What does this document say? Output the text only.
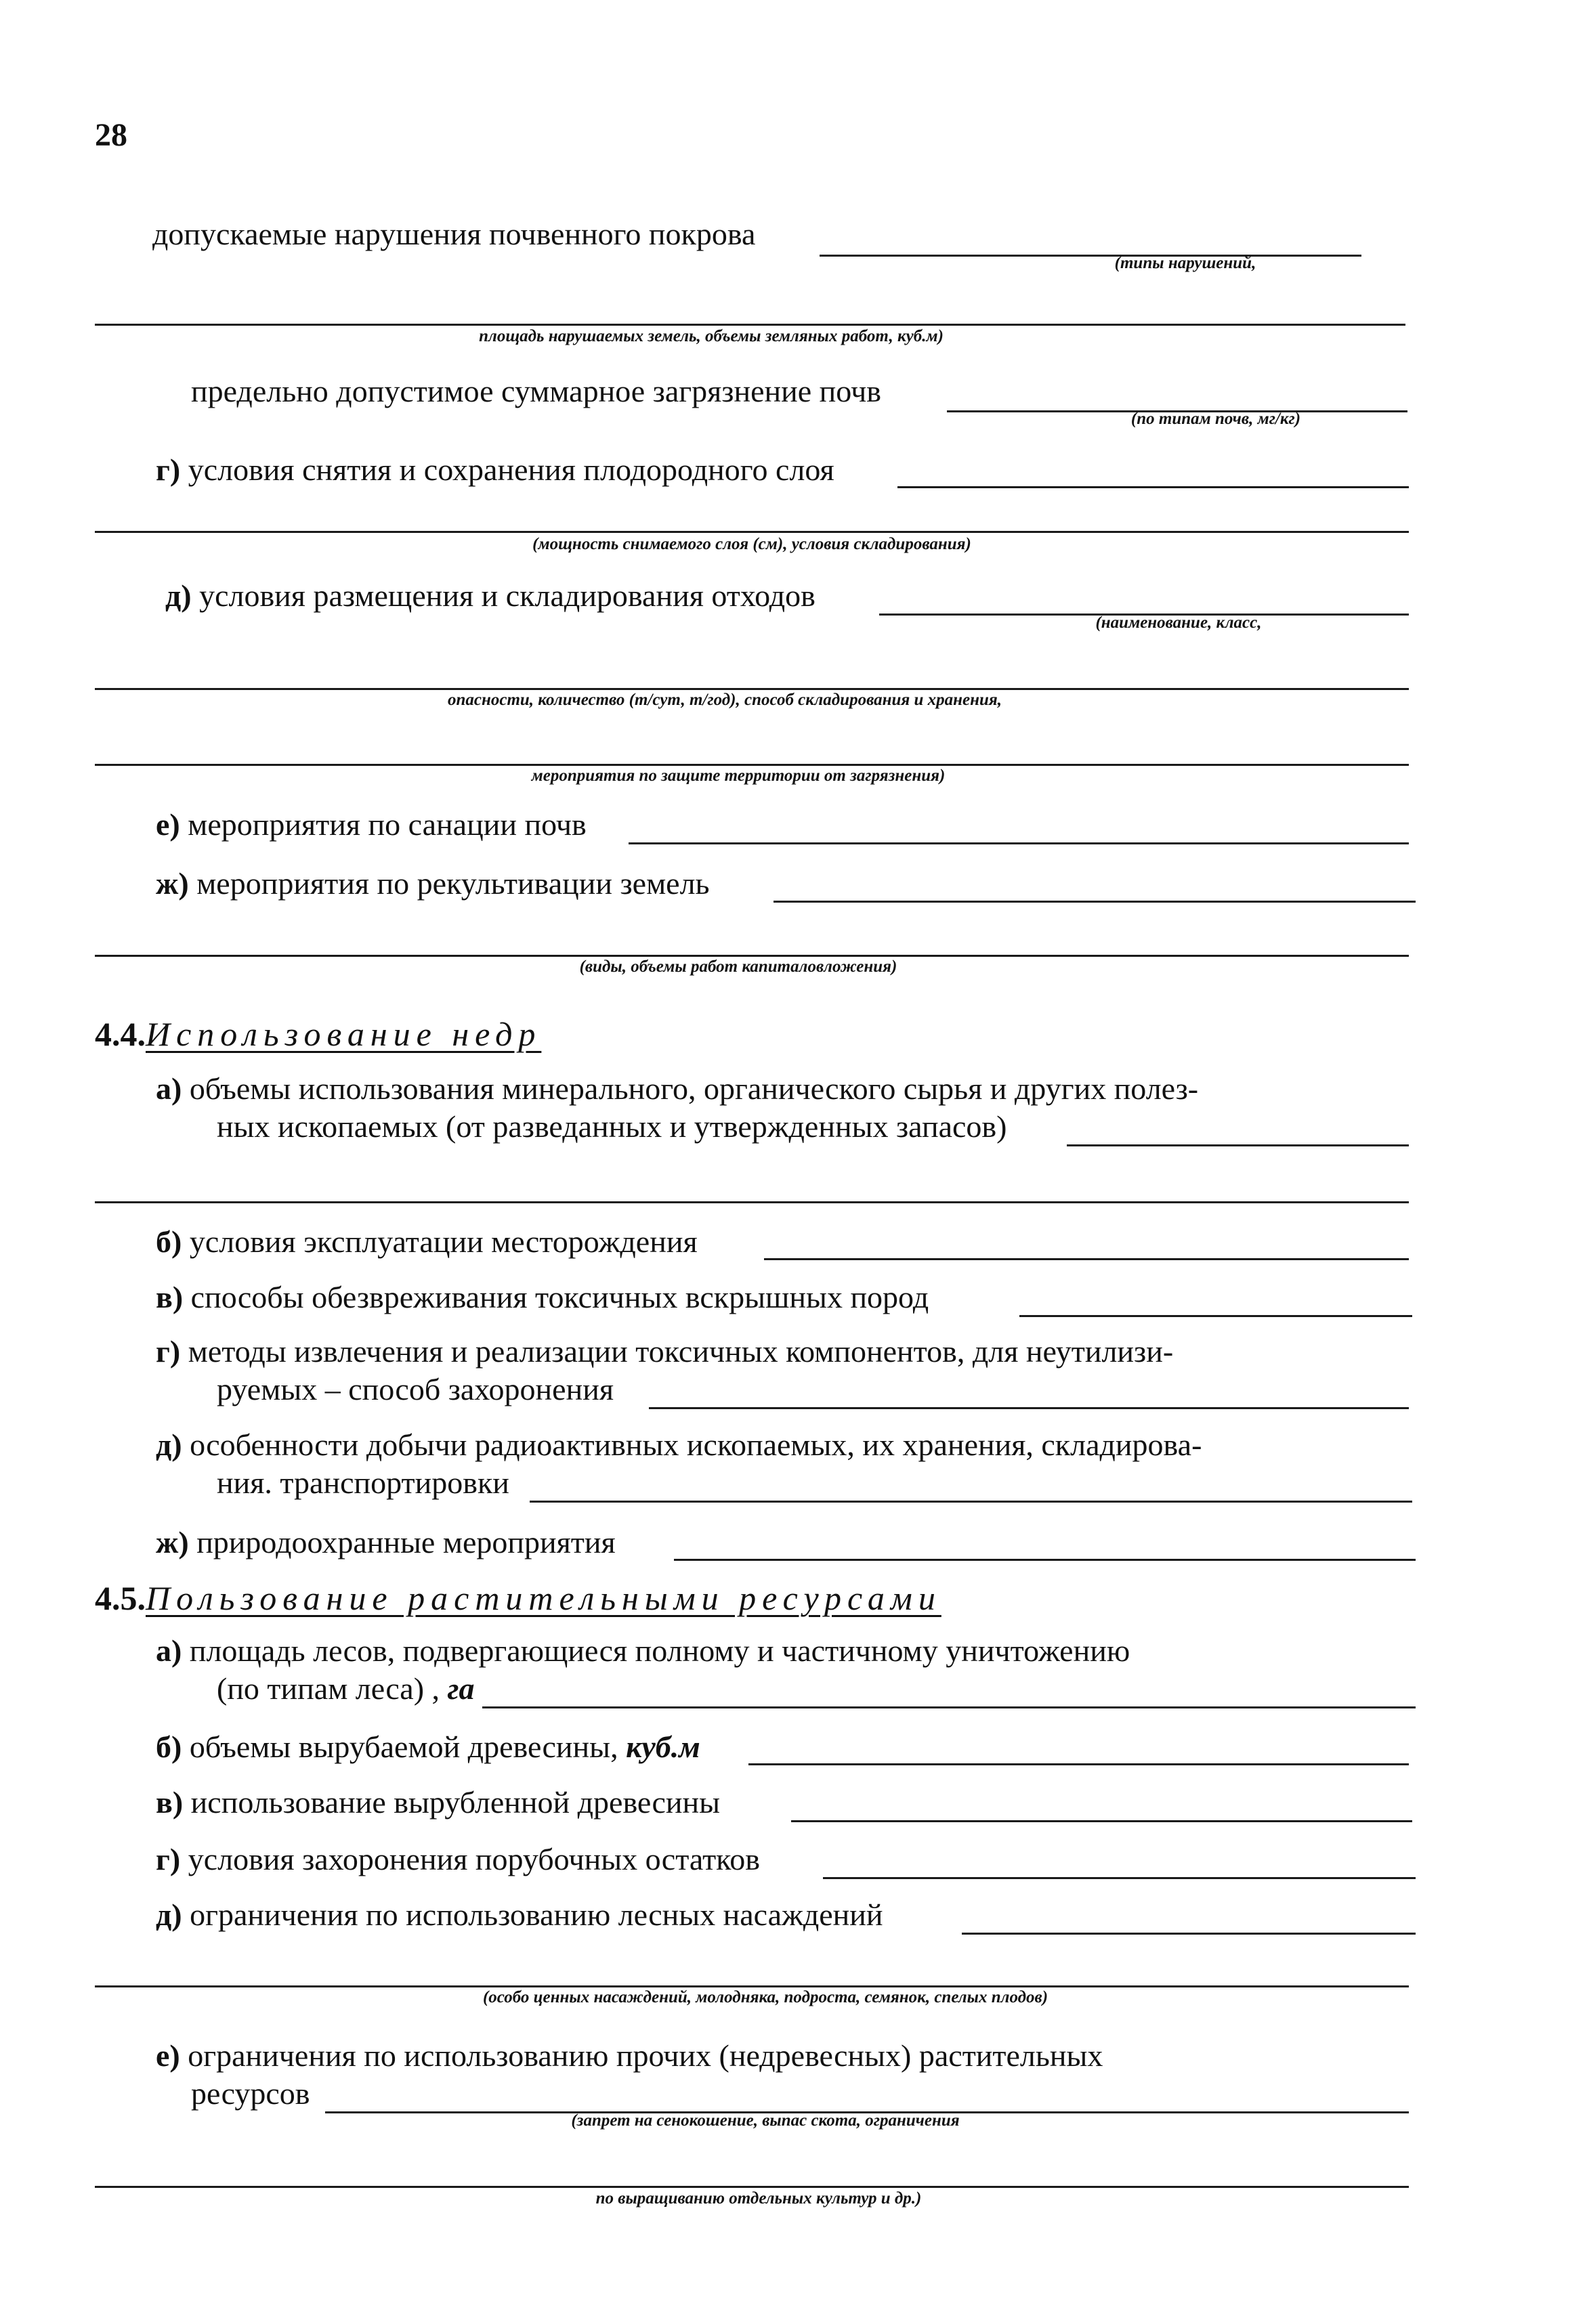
28
допускаемые нарушения почвенного покрова
(типы нарушений,
площадь нарушаемых земель, объемы земляных работ, куб.м)
предельно допустимое суммарное загрязнение почв
(по типам почв, мг/кг)
г) условия снятия и сохранения плодородного слоя
(мощность снимаемого слоя (см), условия складирования)
д) условия размещения и складирования отходов
(наименование, класс,
опасности, количество (т/сут, т/год), способ складирования и хранения,
мероприятия по защите территории от загрязнения)
е) мероприятия по санации почв
ж) мероприятия по рекультивации земель
(виды, объемы работ капиталовложения)
4.4.Использование недр
а) объемы использования минерального, органического сырья и других полез-
ных ископаемых (от разведанных и утвержденных запасов)
б) условия эксплуатации месторождения
в) способы обезвреживания токсичных вскрышных пород
г) методы извлечения и реализации токсичных компонентов, для неутилизи-
руемых – способ захоронения
д) особенности добычи радиоактивных ископаемых, их хранения, складирова-
ния. транспортировки
ж) природоохранные мероприятия
4.5.Пользование растительными ресурсами
а) площадь лесов, подвергающиеся полному и частичному уничтожению
(по типам леса) , га
б) объемы вырубаемой древесины, куб.м
в) использование вырубленной древесины
г) условия захоронения порубочных остатков
д) ограничения по использованию лесных насаждений
(особо ценных насаждений, молодняка, подроста, семянок, спелых плодов)
е) ограничения по использованию прочих (недревесных) растительных
ресурсов
(запрет на сенокошение, выпас скота, ограничения
по выращиванию отдельных культур и др.)
